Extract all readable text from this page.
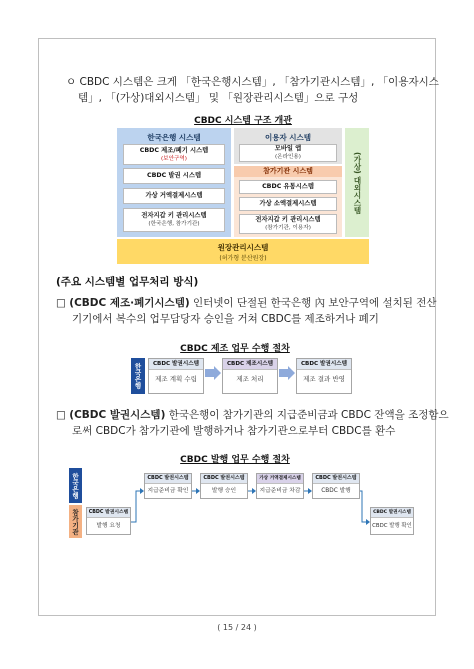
ㅇ CBDC 시스템은 크게 「한국은행시스템」, 「참가기관시스템」, 「이용자시스
템」, 「(가상)대외시스템」 및 「원장관리시스템」으로 구성
CBDC 시스템 구조 개관
한국은행 시스템
CBDC 제조/폐기 시스템
(보안구역)
CBDC 발권 시스템
가상 거액결제시스템
전자지갑 키 관리시스템
(한국은행, 참가기관)
이용자 시스템
모바일 앱
(온라인용)
참가기관 시스템
CBDC 유통시스템
가상 소액결제시스템
전자지갑 키 관리시스템
(참가기관, 이용자)
(가상) 대외시스템
원장관리시스템
(허가형 분산원장)
(주요 시스템별 업무처리 방식)
□ (CBDC 제조·폐기시스템) 인터넷이 단절된 한국은행 內 보안구역에 설치된 전산
기기에서 복수의 업무담당자 승인을 거쳐 CBDC를 제조하거나 폐기
CBDC 제조 업무 수행 절차
한국은행	CBDC 발권시스템
제조 계획 수립
CBDC 제조시스템
제조 처리
CBDC 발권시스템
제조 결과 반영
□ (CBDC 발권시스템) 한국은행이 참가기관의 지급준비금과 CBDC 잔액을 조정함으
로써 CBDC가 참가기관에 발행하거나 참가기관으로부터 CBDC를 환수
CBDC 발행 업무 수행 절차
한국은행
참가기관
CBDC 발권시스템
지급준비금 확인
CBDC 발권시스템
발행 승인
가상 거액결제시스템
지급준비금 차감
CBDC 발권시스템
CBDC 발행
CBDC 발권시스템
발행 요청
CBDC 발권시스템
CBDC 발행 확인
( 15 / 24 )
